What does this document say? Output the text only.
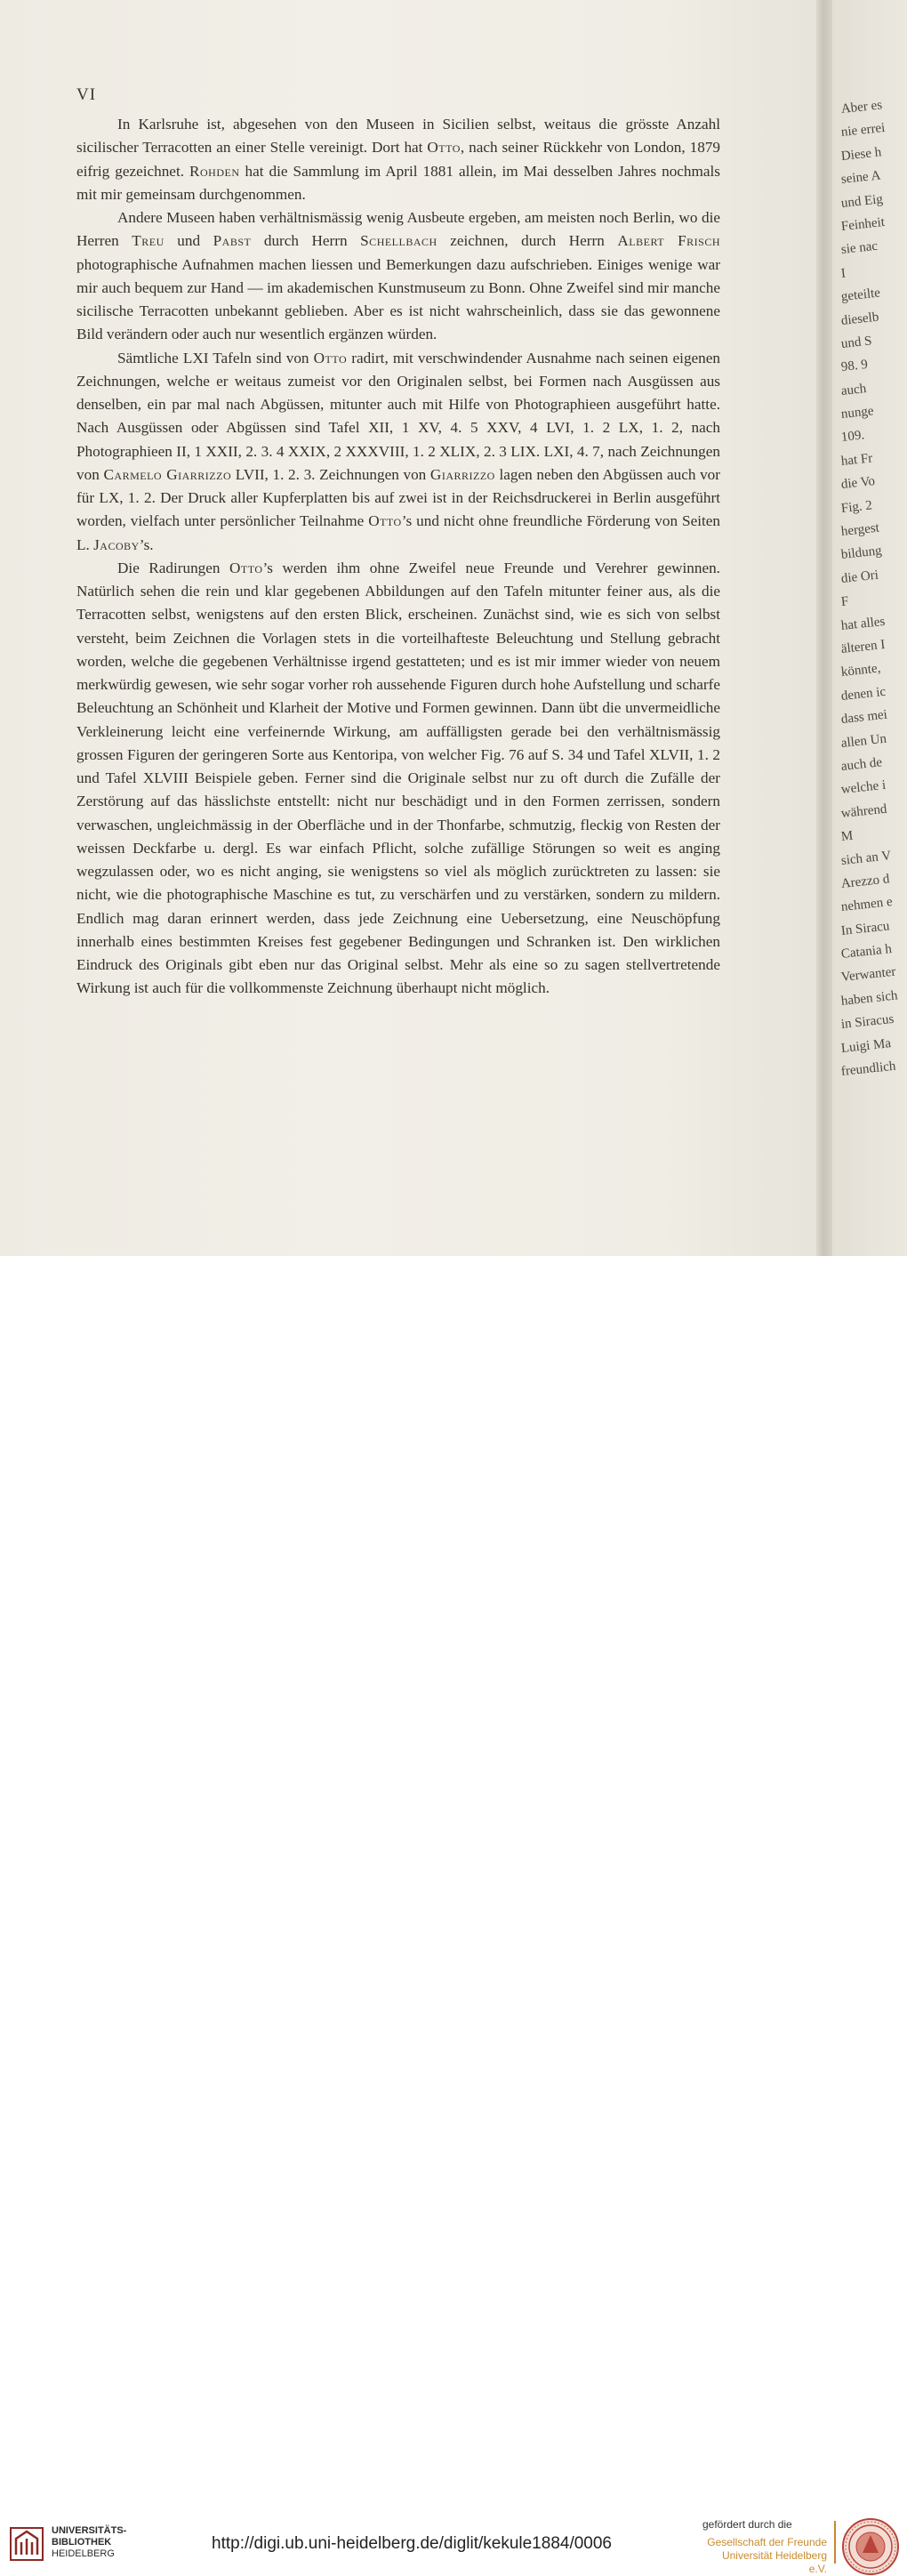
VI

In Karlsruhe ist, abgesehen von den Museen in Sicilien selbst, weitaus die grösste Anzahl sicilischer Terracotten an einer Stelle vereinigt. Dort hat Otto, nach seiner Rückkehr von London, 1879 eifrig gezeichnet. Rohden hat die Sammlung im April 1881 allein, im Mai desselben Jahres nochmals mit mir gemeinsam durchgenommen.

Andere Museen haben verhältnismässig wenig Ausbeute ergeben, am meisten noch Berlin, wo die Herren Treu und Pabst durch Herrn Schellbach zeichnen, durch Herrn Albert Frisch photographische Aufnahmen machen liessen und Bemerkungen dazu aufschrieben. Einiges wenige war mir auch bequem zur Hand — im akademischen Kunstmuseum zu Bonn. Ohne Zweifel sind mir manche sicilische Terracotten unbekannt geblieben. Aber es ist nicht wahrscheinlich, dass sie das gewonnene Bild verändern oder auch nur wesentlich ergänzen würden.

Sämtliche LXI Tafeln sind von Otto radirt, mit verschwindender Ausnahme nach seinen eigenen Zeichnungen, welche er weitaus zumeist vor den Originalen selbst, bei Formen nach Ausgüssen aus denselben, ein par mal nach Abgüssen, mitunter auch mit Hilfe von Photographieen ausgeführt hatte. Nach Ausgüssen oder Abgüssen sind Tafel XII, 1 XV, 4. 5 XXV, 4 LVI, 1. 2 LX, 1. 2, nach Photographieen II, 1 XXII, 2. 3. 4 XXIX, 2 XXXVIII, 1. 2 XLIX, 2. 3 LIX. LXI, 4. 7, nach Zeichnungen von Carmelo Giarrizzo LVII, 1. 2. 3. Zeichnungen von Giarrizzo lagen neben den Abgüssen auch vor für LX, 1. 2. Der Druck aller Kupferplatten bis auf zwei ist in der Reichsdruckerei in Berlin ausgeführt worden, vielfach unter persönlicher Teilnahme Otto’s und nicht ohne freundliche Förderung von Seiten L. Jacoby’s.

Die Radirungen Otto’s werden ihm ohne Zweifel neue Freunde und Verehrer gewinnen. Natürlich sehen die rein und klar gegebenen Abbildungen auf den Tafeln mitunter feiner aus, als die Terracotten selbst, wenigstens auf den ersten Blick, erscheinen. Zunächst sind, wie es sich von selbst versteht, beim Zeichnen die Vorlagen stets in die vorteilhafteste Beleuchtung und Stellung gebracht worden, welche die gegebenen Verhältnisse irgend gestatteten; und es ist mir immer wieder von neuem merkwürdig gewesen, wie sehr sogar vorher roh aussehende Figuren durch hohe Aufstellung und scharfe Beleuchtung an Schönheit und Klarheit der Motive und Formen gewinnen. Dann übt die unvermeidliche Verkleinerung leicht eine verfeinernde Wirkung, am auffälligsten gerade bei den verhältnismässig grossen Figuren der geringeren Sorte aus Kentoripa, von welcher Fig. 76 auf S. 34 und Tafel XLVII, 1. 2 und Tafel XLVIII Beispiele geben. Ferner sind die Originale selbst nur zu oft durch die Zufälle der Zerstörung auf das hässlichste entstellt: nicht nur beschädigt und in den Formen zerrissen, sondern verwaschen, ungleichmässig in der Oberfläche und in der Thonfarbe, schmutzig, fleckig von Resten der weissen Deckfarbe u. dergl. Es war einfach Pflicht, solche zufällige Störungen so weit es anging wegzulassen oder, wo es nicht anging, sie wenigstens so viel als möglich zurücktreten zu lassen: sie nicht, wie die photographische Maschine es tut, zu verschärfen und zu verstärken, sondern zu mildern. Endlich mag daran erinnert werden, dass jede Zeichnung eine Uebersetzung, eine Neuschöpfung innerhalb eines bestimmten Kreises fest gegebener Bedingungen und Schranken ist. Den wirklichen Eindruck des Originals gibt eben nur das Original selbst. Mehr als eine so zu sagen stellvertretende Wirkung ist auch für die vollkommenste Zeichnung überhaupt nicht möglich.

Aber es
nie errei
Diese h
seine A
und Eig
Feinheit
sie nac
I
geteilte
dieselb
und S
98. 9
auch
nunge
109.
hat Fr
die Vo
Fig. 2
hergest
bildung
die Ori
F
hat alles
älteren I
könnte,
denen ic
dass mei
allen Un
auch de
welche i
während
M
sich an V
Arezzo d
nehmen e
In Siracu
Catania h
Verwanter
haben sich
in Siracus
Luigi Ma
freundlich
UNIVERSITÄTS-
BIBLIOTHEK
HEIDELBERG
http://digi.ub.uni-heidelberg.de/diglit/kekule1884/0006
gefördert durch die
Gesellschaft der Freunde
Universität Heidelberg e.V.
